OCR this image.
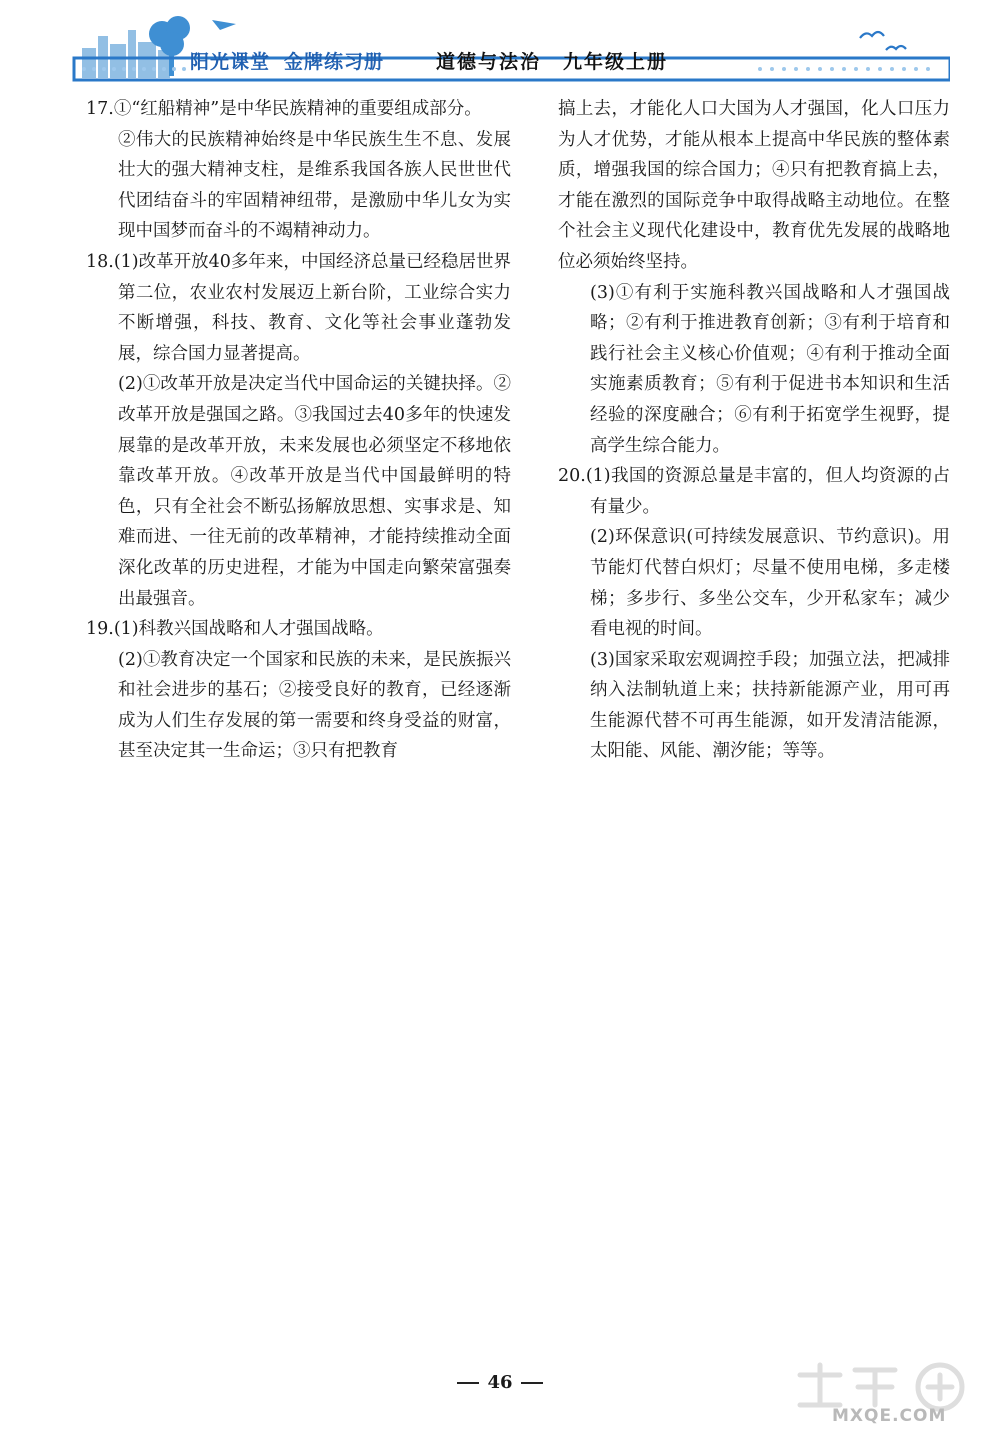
阳光课堂 金牌练习册	道德与法治 九年级上册

17.①“红船精神”是中华民族精神的重要组成部分。

②伟大的民族精神始终是中华民族生生不息、发展壮大的强大精神支柱，是维系我国各族人民世世代代团结奋斗的牢固精神纽带，是激励中华儿女为实现中国梦而奋斗的不竭精神动力。

18.(1)改革开放40多年来，中国经济总量已经稳居世界第二位，农业农村发展迈上新台阶，工业综合实力不断增强，科技、教育、文化等社会事业蓬勃发展，综合国力显著提高。

(2)①改革开放是决定当代中国命运的关键抉择。②改革开放是强国之路。③我国过去40多年的快速发展靠的是改革开放，未来发展也必须坚定不移地依靠改革开放。④改革开放是当代中国最鲜明的特色，只有全社会不断弘扬解放思想、实事求是、知难而进、一往无前的改革精神，才能持续推动全面深化改革的历史进程，才能为中国走向繁荣富强奏出最强音。

19.(1)科教兴国战略和人才强国战略。

(2)①教育决定一个国家和民族的未来，是民族振兴和社会进步的基石；②接受良好的教育，已经逐渐成为人们生存发展的第一需要和终身受益的财富，甚至决定其一生命运；③只有把教育

搞上去，才能化人口大国为人才强国，化人口压力为人才优势，才能从根本上提高中华民族的整体素质，增强我国的综合国力；④只有把教育搞上去，才能在激烈的国际竞争中取得战略主动地位。在整个社会主义现代化建设中，教育优先发展的战略地位必须始终坚持。

(3)①有利于实施科教兴国战略和人才强国战略；②有利于推进教育创新；③有利于培育和践行社会主义核心价值观；④有利于推动全面实施素质教育；⑤有利于促进书本知识和生活经验的深度融合；⑥有利于拓宽学生视野，提高学生综合能力。

20.(1)我国的资源总量是丰富的，但人均资源的占有量少。

(2)环保意识(可持续发展意识、节约意识)。用节能灯代替白炽灯；尽量不使用电梯，多走楼梯；多步行、多坐公交车，少开私家车；减少看电视的时间。

(3)国家采取宏观调控手段；加强立法，把减排纳入法制轨道上来；扶持新能源产业，用可再生能源代替不可再生能源，如开发清洁能源，太阳能、风能、潮汐能；等等。

46
MXQE.COM
